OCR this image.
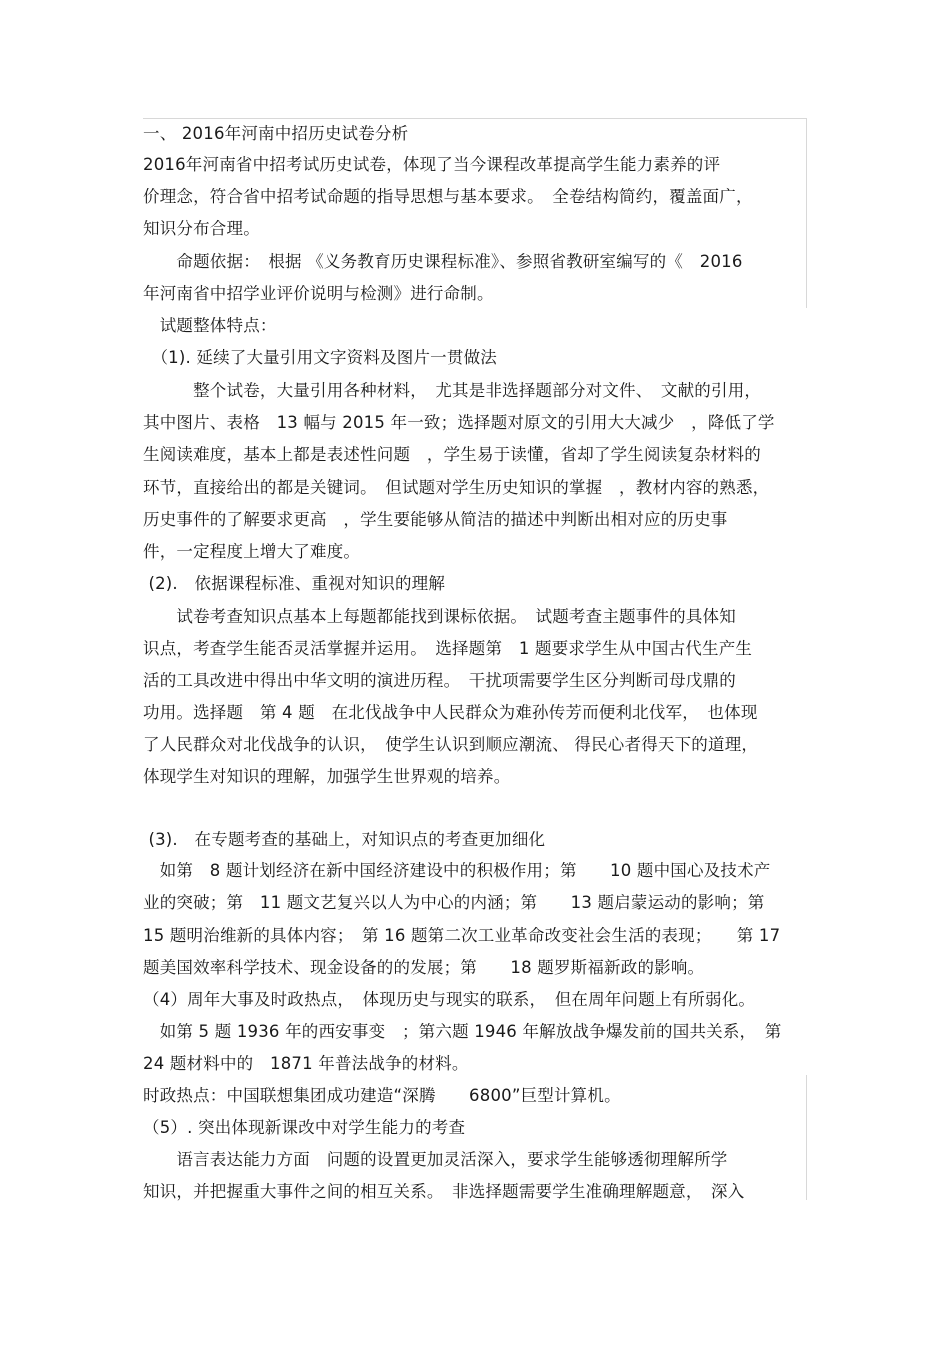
一、 2016年河南中招历史试卷分析
2016年河南省中招考试历史试卷，体现了当今课程改革提高学生能力素养的评
价理念，符合省中招考试命题的指导思想与基本要求。　全卷结构简约，覆盖面广，
知识分布合理。
　　命题依据：　根据 《义务教育历史课程标准》、参照省教研室编写的《　2016
年河南省中招学业评价说明与检测》进行命制。
　试题整体特点：
　（1). 延续了大量引用文字资料及图片一贯做法
　　　整个试卷，大量引用各种材料，　尤其是非选择题部分对文件、　文献的引用，
其中图片、表格　13 幅与 2015 年一致；选择题对原文的引用大大减少　，降低了学
生阅读难度，基本上都是表述性问题　，学生易于读懂，省却了学生阅读复杂材料的
环节，直接给出的都是关键词。　但试题对学生历史知识的掌握　，教材内容的熟悉，
历史事件的了解要求更高　，学生要能够从简洁的描述中判断出相对应的历史事
件，一定程度上增大了难度。
(2).　依据课程标准、重视对知识的理解
　　试卷考查知识点基本上每题都能找到课标依据。　试题考查主题事件的具体知
识点，考查学生能否灵活掌握并运用。　选择题第　1 题要求学生从中国古代生产生
活的工具改进中得出中华文明的演进历程。　干扰项需要学生区分判断司母戊鼎的
功用。选择题　第 4 题　在北伐战争中人民群众为难孙传芳而便利北伐军，　也体现
了人民群众对北伐战争的认识，　使学生认识到顺应潮流、 得民心者得天下的道理，
体现学生对知识的理解，加强学生世界观的培养。
(3).　在专题考查的基础上，对知识点的考查更加细化
　如第　8 题计划经济在新中国经济建设中的积极作用；第　　10 题中国心及技术产
业的突破；第　11 题文艺复兴以人为中心的内涵；第　　13 题启蒙运动的影响；第
15 题明治维新的具体内容；　第 16 题第二次工业革命改变社会生活的表现；　　第 17
题美国效率科学技术、现金设备的的发展；第　　18 题罗斯福新政的影响。
（4）周年大事及时政热点，　体现历史与现实的联系，　但在周年问题上有所弱化。
　如第 5 题 1936 年的西安事变　；第六题 1946 年解放战争爆发前的国共关系，　第
24 题材料中的　1871 年普法战争的材料。
时政热点：中国联想集团成功建造“深腾　　6800”巨型计算机。
（5）. 突出体现新课改中对学生能力的考查
　　语言表达能力方面　问题的设置更加灵活深入，要求学生能够透彻理解所学
知识，并把握重大事件之间的相互关系。　非选择题需要学生准确理解题意，　深入
